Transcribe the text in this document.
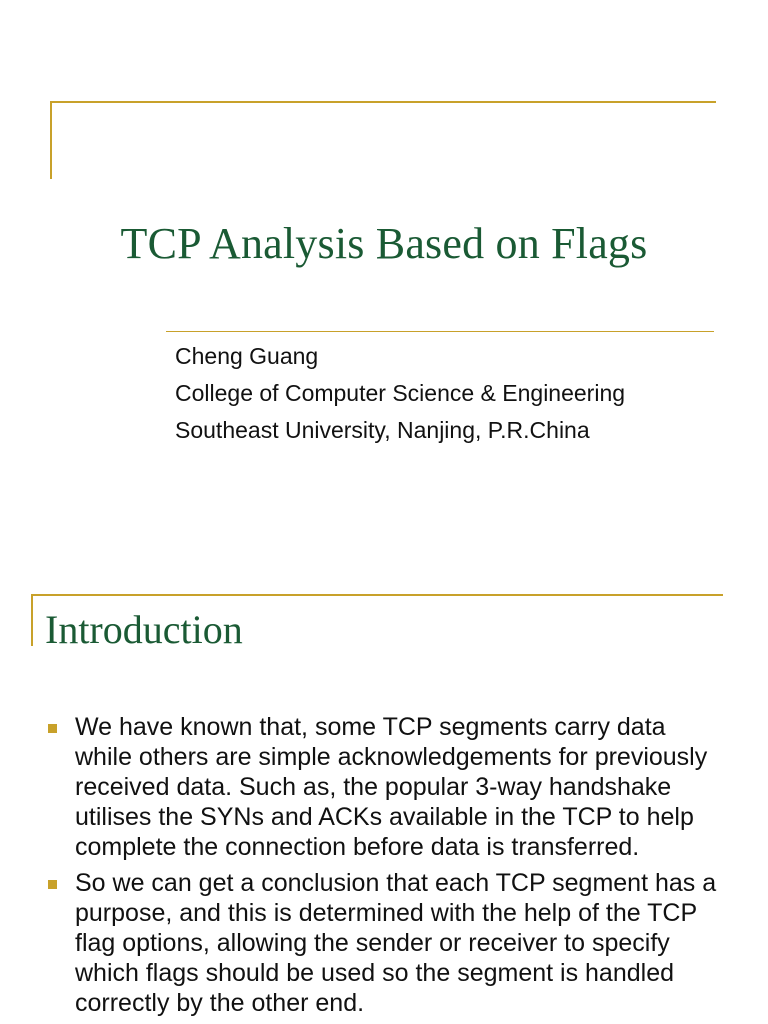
TCP Analysis Based on Flags
Cheng Guang
College of Computer Science & Engineering
Southeast University, Nanjing, P.R.China
Introduction
We have known that, some TCP segments carry data while others are simple acknowledgements for previously received data. Such as, the popular 3-way handshake utilises the SYNs and ACKs available in the TCP to help complete the connection before data is transferred.
So we can get a conclusion that each TCP segment has a purpose, and this is determined with the help of the TCP flag options, allowing the sender or receiver to specify which flags should be used so the segment is handled correctly by the other end.
